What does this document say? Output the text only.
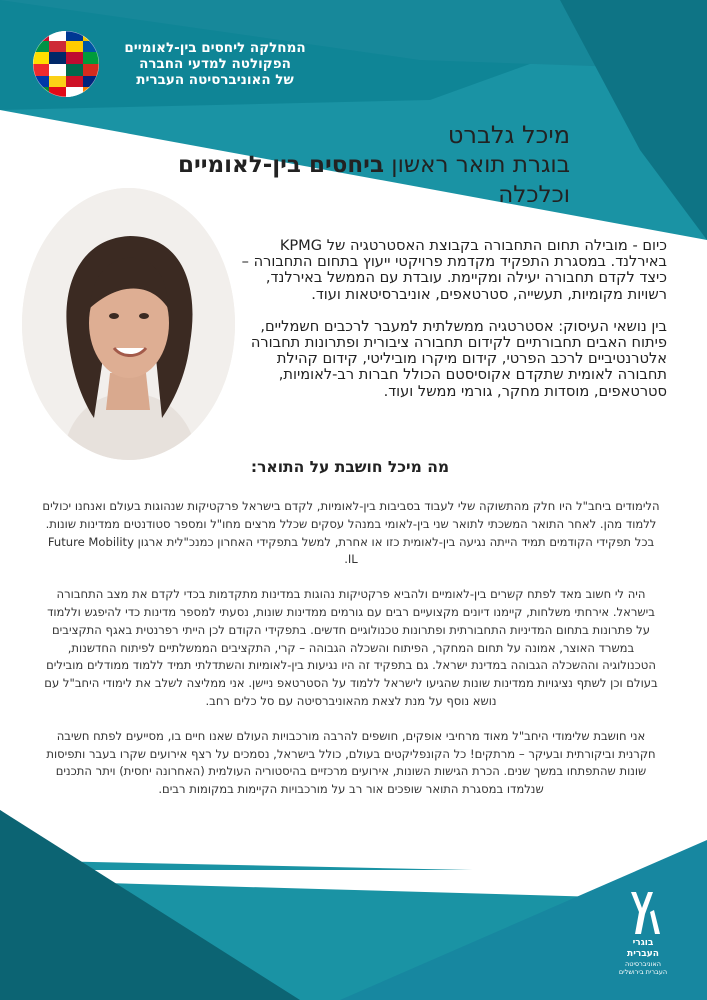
המחלקה ליחסים בין-לאומיים
הפקולטה למדעי החברה
של האוניברסיטה העברית
מיכל גלברט
בוגרת תואר ראשון ביחסים בין-לאומיים
וכלכלה

כיום - מובילה תחום התחבורה בקבוצת האסטרטגיה של KPMG באירלנד. במסגרת התפקיד מקדמת פרויקטי ייעוץ בתחום התחבורה – כיצד לקדם תחבורה יעילה ומקיימת. עובדת עם הממשל באירלנד, רשויות מקומיות, תעשייה, סטרטאפים, אוניברסיטאות ועוד.

בין נושאי העיסוק: אסטרטגיה ממשלתית למעבר לרכבים חשמליים, פיתוח האבים תחבורתיים לקידום תחבורה ציבורית ופתרונות תחבורה אלטרנטיביים לרכב הפרטי, קידום מיקרו מוביליטי, קידום קהילת תחבורה לאומית שתקדם אקוסיסטם הכולל חברות רב-לאומיות, סטרטאפים, מוסדות מחקר, גורמי ממשל ועוד.

מה מיכל חושבת על התואר:

הלימודים ביחב"ל היו חלק מהתשוקה שלי לעבוד בסביבות בין-לאומיות, לקדם בישראל פרקטיקות שנהוגות בעולם ואנחנו יכולים ללמוד מהן. לאחר התואר המשכתי לתואר שני בין-לאומי במנהל עסקים שכלל מרצים מחו"ל ומספר סטודנטים ממדינות שונות. בכל תפקידי הקודמים תמיד הייתה נגיעה בין-לאומית כזו או אחרת, למשל בתפקידי האחרון כמנכ"לית ארגון Future Mobility IL.

היה לי חשוב מאד לפתח קשרים בין-לאומיים ולהביא פרקטיקות נהוגות במדינות מתקדמות בכדי לקדם את מצב התחבורה בישראל. אירחתי משלחות, קיימנו דיונים מקצועיים רבים עם גורמים ממדינות שונות, נסעתי למספר מדינות כדי להיפגש וללמוד על פתרונות בתחום המדיניות התחבורתית ופתרונות טכנולוגיים חדשים. בתפקידי הקודם לכן הייתי רפרנטית באגף התקציבים במשרד האוצר, אמונה על תחום המחקר, הפיתוח והשכלה הגבוהה – קרי, התקציבים הממשלתיים לפיתוח החדשנות, הטכנולוגיה וההשכלה הגבוהה במדינת ישראל. גם בתפקיד זה היו נגיעות בין-לאומיות והשתדלתי תמיד ללמוד ממודלים מובילים בעולם וכן לשתף נציגויות ממדינות שונות שהגיעו לישראל ללמוד על הסטרטאפ ניישן. אני ממליצה לשלב את לימודי היחב"ל עם נושא נוסף על מנת לצאת מהאוניברסיטה עם סל כלים רחב.

אני חושבת שלימודי היחב"ל מאוד מרחיבי אופקים, חושפים להרבה מורכבויות העולם שאנו חיים בו, מסייעים לפתח חשיבה חקרנית וביקורתית ובעיקר – מרתקים! כל הקונפליקטים בעולם, כולל בישראל, נסמכים על רצף אירועים שקרו בעבר ותפיסות שונות שהתפתחו במשך שנים. הכרת הגישות השונות, אירועים מרכזיים בהיסטוריה העולמית (האחרונה יחסית) ויתר התכנים שנלמדו במסגרת התואר שופכים אור רב על מורכבויות הקיימות במקומות רבים.

בוגרי
העברית
האוניברסיטה
העברית בירושלים
